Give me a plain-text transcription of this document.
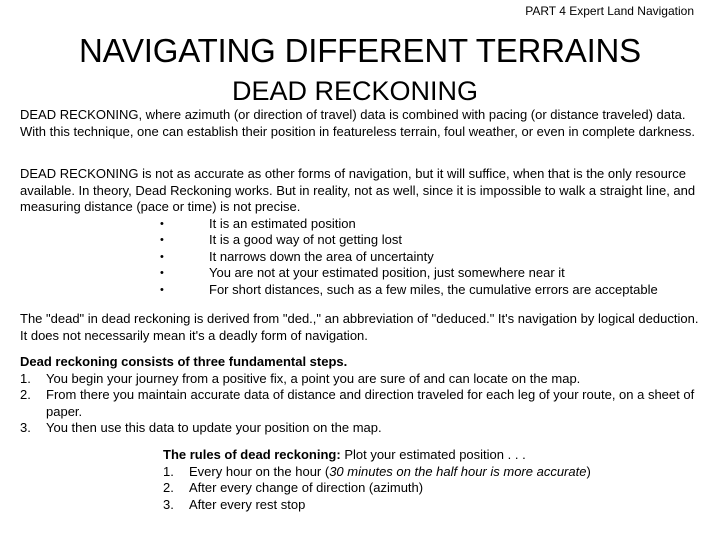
PART 4 Expert Land Navigation
NAVIGATING DIFFERENT TERRAINS
DEAD RECKONING

DEAD RECKONING, where azimuth (or direction of travel) data is combined with pacing (or distance traveled) data. With this technique, one can establish their position in featureless terrain, foul weather, or even in complete darkness.

DEAD RECKONING is not as accurate as other forms of navigation, but it will suffice, when that is the only resource available. In theory, Dead Reckoning works. But in reality, not as well, since it is impossible to walk a straight line, and measuring distance (pace or time) is not precise.

•	It is an estimated position
•	It is a good way of not getting lost
•	It narrows down the area of uncertainty
•	You are not at your estimated position, just somewhere near it
•	For short distances, such as a few miles, the cumulative errors are acceptable

The "dead" in dead reckoning is derived from "ded.," an abbreviation of "deduced." It's navigation by logical deduction. It does not necessarily mean it's a deadly form of navigation.

Dead reckoning consists of three fundamental steps.

1. You begin your journey from a positive fix, a point you are sure of and can locate on the map.
2. From there you maintain accurate data of distance and direction traveled for each leg of your route, on a sheet of paper.
3. You then use this data to update your position on the map.

The rules of dead reckoning: Plot your estimated position . . .

1. Every hour on the hour (30 minutes on the half hour is more accurate)
2. After every change of direction (azimuth)
3. After every rest stop
